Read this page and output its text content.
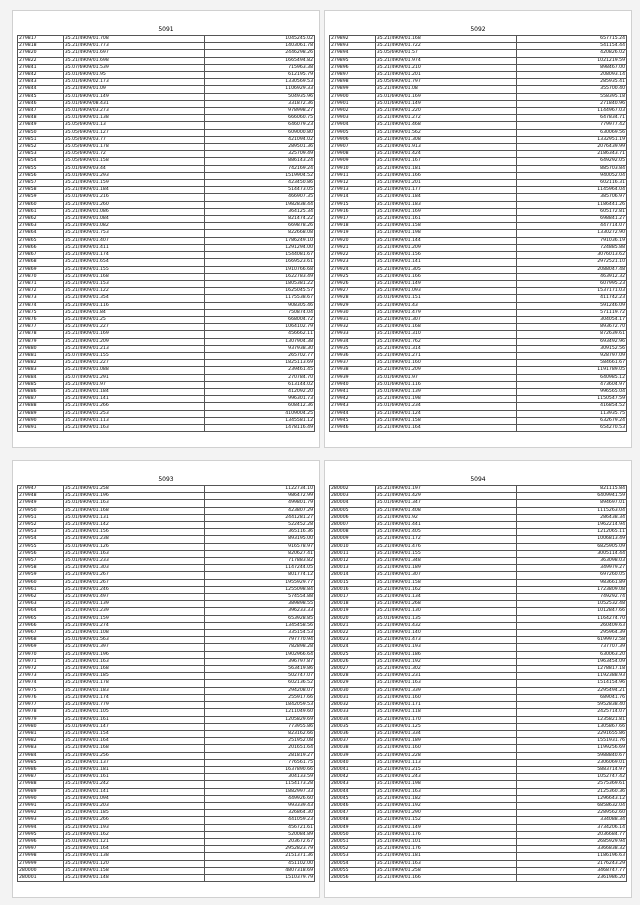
5091
279817	35.21/4909/01.708	1045245.02
279818	35.21/4909/01.773	1403061.78
279820	35.21/4909/01.697	2446298.26
279822	35.21/4909/01.698	1665494.82
279841	35.07/6909/01.539	715963.38
279842	35.01/6909/01.95	612195.79
279843	35.01/6909/02.173	1330569.53
279844	35.21/4909/01.09	1106929.33
279845	35.01/6909/01.149	504935.96
279846	35.01/6909/08.431	331872.36
279847	35.01/6909/03.273	978998.27
279848	35.01/6909/01.138	666060.75
279849	35.05/6909/01.13	646079.23
279850	35.05/6909/01.127	609000.80
279851	35.05/6909/03.77	421094.02
279852	35.05/6909/01.178	289501.36
279853	35.05/6909/01.72	325709.49
279854	35.05/6909/01.158	886143.24
279855	35.01/6909/03.44	742169.24
279856	35.01/6909/01.293	1519904.52
279857	35.21/4909/01.159	423450.86
279858	35.21/4909/01.184	514473.05
279859	35.01/6909/01.216	466907.35
279860	35.21/4909/01.260	1982838.44
279861	35.21/4909/01.086	364125.34
279862	35.21/4909/01.084	821474.22
279863	35.21/4909/01.082	669878.26
279864	35.21/4909/01.753	822668.08
279865	35.21/4909/01.407	1786249.10
279866	35.21/4909/01.411	1291294.00
279867	35.21/4909/01.174	1544081.67
279868	35.21/4909/01.654	1669523.61
279869	35.21/4909/01.155	1910766.68
279870	35.21/4909/01.168	1622783.49
279871	35.21/4909/01.153	1805381.22
279872	35.21/4909/01.122	1625045.57
279873	35.21/4909/01.354	1175538.67
279874	35.21/4909/01.116	908305.46
279875	35.21/4909/01.84	750874.04
279876	35.21/4909/01.25	668004.72
279877	35.21/4909/01.227	1064102.79
279878	35.21/4909/01.169	456662.11
279879	35.21/4909/01.209	1307904.38
279880	35.21/4909/01.213	937938.30
279881	35.07/4909/01.155	265702.77
279882	35.21/4909/01.227	1825113.69
279883	35.21/4909/01.088	239461.45
279884	35.07/4909/01.291	270784.70
279885	35.21/4909/01.97	613144.02
279886	35.21/4909/01.184	412092.20
279887	35.21/4909/01.141	996301.73
279888	35.21/4909/01.266	608412.36
279889	35.21/4909/01.253	4109004.25
279890	35.21/4909/01.113	1345581.12
279891	35.21/4909/01.163	1478116.49
5092
279892	35.21/4909/01.168	657715.24
279893	35.21/4909/01.722	541154.44
279894	35.05/6909/01.57	420826.02
279895	35.21/4909/01.974	1021219.59
279896	35.21/4909/01.210	898467.00
279897	35.21/4909/01.201	208093.14
279898	35.05/6909/01.797	285935.41
279899	35.21/4909/01.08	355700.40
279900	35.01/6909/01.169	558395.18
279901	35.01/6909/01.149	271840.96
279902	35.21/4909/01.220	1144967.03
279903	35.21/4909/01.272	647834.71
279904	35.21/4909/01.468	779977.42
279905	35.21/4909/01.562	630069.56
279906	35.21/4909/01.308	1332951.19
279907	35.21/4909/01.913	2076439.99
279908	35.21/4909/01.424	2186343.71
279909	35.21/4909/01.167	649292.05
279910	35.21/4909/01.181	885703.84
279911	35.21/4909/01.166	940052.04
279912	35.21/4909/01.201	602116.31
279913	35.21/4909/01.177	1145964.04
279914	35.21/4909/01.184	385706.97
279915	35.21/4909/01.183	1186441.26
279916	35.21/4909/01.169	605172.81
279917	35.21/4909/01.161	698841.27
279918	35.21/4909/01.158	447714.07
279919	35.21/4909/01.198	1330272.90
279920	35.21/4909/01.144	791036.19
279921	35.21/4909/01.209	724885.88
279922	35.21/4909/01.156	3076013.62
279923	35.21/4909/01.141	2972521.10
279924	35.21/4909/01.305	2088047.48
279925	35.21/4909/01.166	463912.32
279926	35.21/4909/01.149	607995.23
279927	35.21/4909/01.093	1537171.03
279928	35.01/6909/01.151	411742.23
279929	35.21/4909/01.43	591246.09
279930	35.21/4909/01.479	571119.72
279931	35.21/4909/01.307	304054.17
279932	35.21/4909/01.168	893672.70
279933	35.21/4909/01.310	872639.61
279934	35.21/4909/01.762	693492.96
279935	35.21/4909/01.314	309152.56
279936	35.21/4909/01.271	928797.09
279937	35.21/4909/01.160	584661.67
279938	35.21/4909/01.209	1191789.05
279939	35.01/6909/01.97	640985.12
279940	35.01/6909/01.116	473604.97
279941	35.01/6909/01.139	996565.04
279942	35.21/4909/01.198	1150547.59
279943	35.01/6909/01.234	416854.52
279944	35.21/4909/01.124	113935.75
279945	35.21/4909/01.158	632679.24
279946	35.21/4909/01.164	654270.53
5093
279947	35.21/4909/01.258	1122734.10
279948	35.21/4909/01.196	986472.99
279949	35.01/6909/01.163	499801.79
279950	35.21/4909/01.168	423807.29
279951	35.01/6909/01.131	2441281.27
279952	35.21/4909/01.142	522452.28
279953	35.21/4909/01.156	365116.36
279954	35.21/4909/01.238	893195.00
279955	35.01/6909/01.126	916578.97
279956	35.21/4909/01.163	820627.41
279957	35.01/6909/01.233	717883.82
279958	35.21/4909/01.303	1147244.05
279959	35.21/4909/01.267	801774.12
279960	35.21/4909/01.267	1955929.77
279961	35.21/4909/01.246	1255098.84
279962	35.21/4909/01.497	574554.88
279963	35.21/4909/01.139	389898.55
279964	35.21/4909/01.239	396233.33
279965	35.21/4909/01.159	653928.85
279966	35.21/4909/01.274	1345458.56
279967	35.21/4909/01.108	335154.53
279968	35.01/6909/01.563	797770.94
279969	35.21/4909/01.397	782898.28
279970	35.21/4909/01.196	1902966.64
279971	35.21/4909/01.163	396797.87
279972	35.21/4909/01.168	563419.86
279973	35.21/4909/01.185	502747.07
279974	35.21/4909/01.178	602136.52
279975	35.21/4909/01.183	294208.07
279976	35.21/4909/01.174	255917.66
279977	35.21/4909/01.779	1842059.53
279978	35.21/4909/01.105	1211049.60
279979	35.21/4909/01.161	1205829.69
279980	35.01/6909/01.147	773955.86
279981	35.21/4909/01.154	823162.66
279982	35.21/4909/01.164	251952.08
279983	35.21/4909/01.168	201651.64
279984	35.21/4909/01.256	281819.27
279985	35.21/4909/01.137	776561.75
279986	35.21/4909/01.181	1637890.66
279987	35.21/4909/01.161	304133.59
279988	35.21/4909/01.242	1154173.28
279989	35.21/4909/01.141	1882997.33
279990	35.21/4909/01.094	449926.60
279991	35.21/4909/01.203	993339.43
279992	35.21/4909/01.185	326864.30
279993	35.21/4909/01.266	441059.23
279994	35.21/4909/01.193	456721.61
279995	35.21/4909/01.162	520084.89
279996	35.01/6909/01.121	203672.67
279997	35.21/4909/01.164	2952823.79
279998	35.21/4909/01.138	2151371.36
279999	35.21/4909/01.120	451102.00
280000	35.21/4909/01.158	4807318.69
280001	35.21/4909/01.148	1510379.79
5094
280002	35.21/4909/01.197	821115.84
280003	35.21/4909/01.429	6409941.59
280004	35.01/6909/01.347	894697.01
280005	35.21/4909/01.408	1115263.04
280006	35.21/4909/01.92	286438.34
280007	35.21/4909/01.441	1962214.94
280008	35.21/4909/01.405	1212065.11
280009	35.21/4909/01.172	1006813.49
280010	35.21/4909/01.476	6825905.09
280011	35.21/4909/01.155	3005114.44
280012	35.21/4909/01.348	363098.03
280013	35.21/4909/01.189	349979.27
280014	35.21/4909/01.307	697260.05
280015	35.21/4909/01.158	983661.89
280016	35.21/4909/01.162	1723809.08
280017	35.21/4909/01.134	749292.74
280018	35.21/4909/01.268	1052532.48
280019	35.21/4909/01.130	1012847.66
280020	35.01/6909/01.135	1164274.70
280021	35.21/4909/01.432	260409.63
280022	35.21/4909/01.140	295964.39
280023	35.21/4909/01.473	6199972.58
280024	35.21/4909/01.193	737707.39
280025	35.21/4909/01.186	630063.20
280026	35.21/4909/01.192	1963454.09
280027	35.21/4909/01.302	1278817.18
280028	35.21/4909/01.231	1192388.93
280029	35.21/4909/01.163	1514154.96
280030	35.21/4909/01.339	2295494.21
280031	35.21/4909/01.160	689041.76
280032	35.21/4909/01.171	5952838.40
280033	35.21/4909/01.118	2425714.07
280034	35.21/4909/01.170	1235821.81
280035	35.21/4909/01.125	1305867.66
280036	35.21/4909/01.334	2291655.86
280037	35.21/4909/01.189	1551931.76
280038	35.21/4909/01.160	1199256.69
280039	35.21/4909/01.228	5988840.67
280040	35.21/4909/01.113	2306069.01
280041	35.21/4909/01.215	5883714.97
280042	35.21/4909/01.243	1052747.42
280043	35.21/4909/01.198	2575369.61
280044	35.21/4909/01.163	2125360.36
280045	35.21/4909/01.182	1296643.12
280046	35.21/4909/01.192	6858632.04
280047	35.21/4909/01.290	2289562.60
280048	35.21/4909/01.152	334088.34
280049	35.21/4909/01.149	3734206.14
280050	35.21/4909/01.176	2036684.77
280051	35.21/4909/01.101	2685929.94
280052	35.21/4909/01.176	3366838.32
280053	35.21/4909/01.181	1186196.63
280054	35.21/4909/01.163	2176243.29
280055	35.21/4909/01.258	3468747.77
280056	35.21/4909/01.166	2361986.20
